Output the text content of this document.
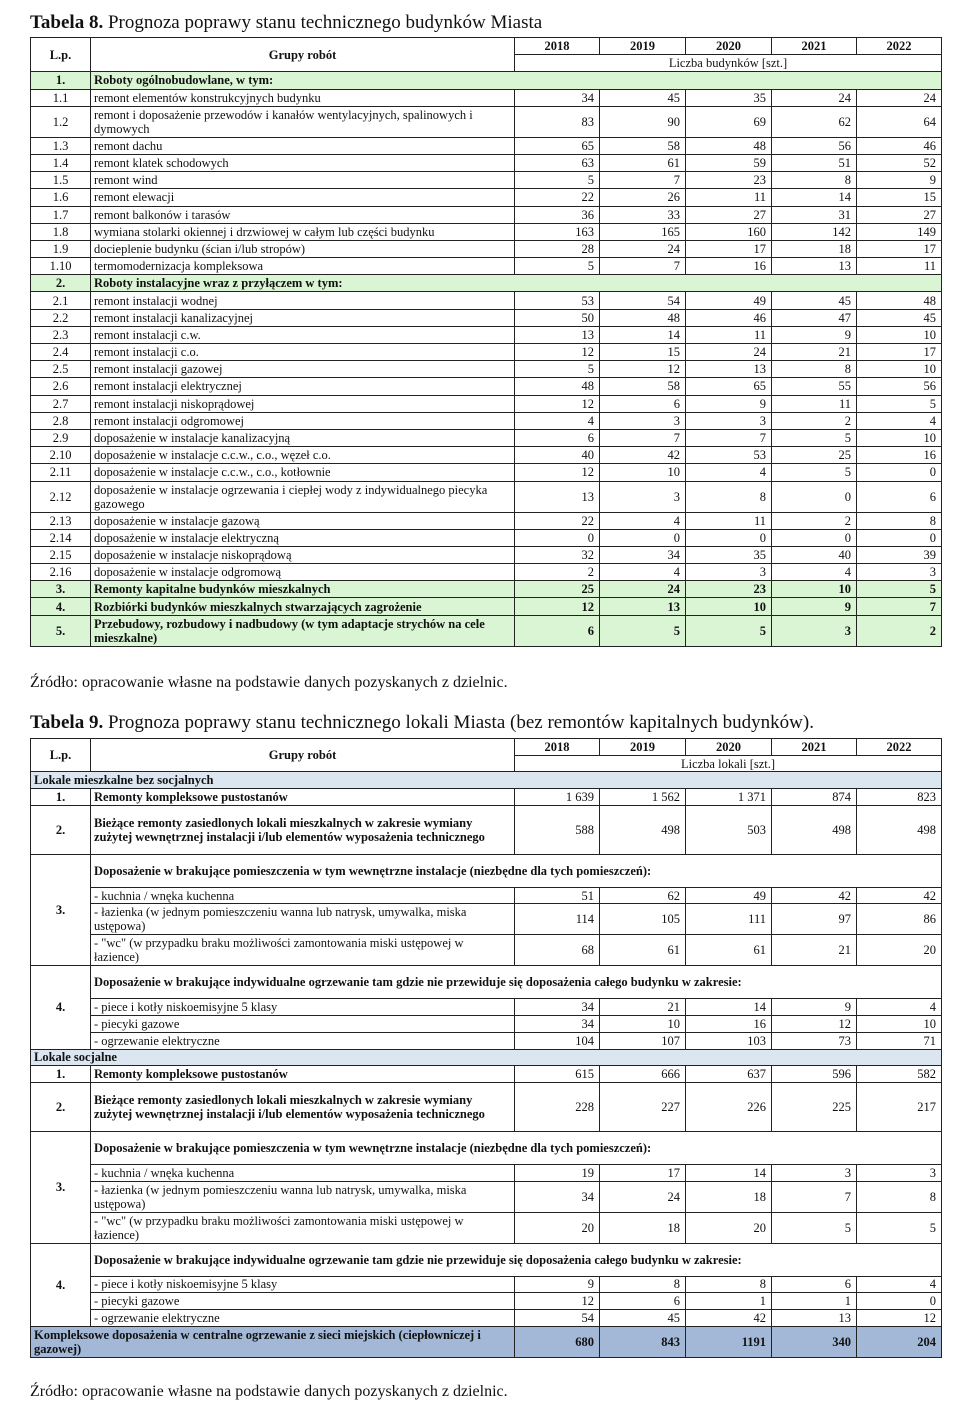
Tabela 8. Prognoza poprawy stanu technicznego budynków Miasta
L.p.	Grupy robót	2018	2019	2020	2021	2022
		Liczba budynków [szt.]				
1.	Roboty ogólnobudowlane, w tym:					
1.1	remont elementów konstrukcyjnych budynku	34	45	35	24	24
1.2	remont i doposażenie przewodów i kanałów wentylacyjnych, spalinowych i dymowych	83	90	69	62	64
1.3	remont dachu	65	58	48	56	46
1.4	remont klatek schodowych	63	61	59	51	52
1.5	remont wind	5	7	23	8	9
1.6	remont elewacji	22	26	11	14	15
1.7	remont balkonów i tarasów	36	33	27	31	27
1.8	wymiana stolarki okiennej i drzwiowej w całym lub części budynku	163	165	160	142	149
1.9	docieplenie budynku (ścian i/lub stropów)	28	24	17	18	17
1.10	termomodernizacja kompleksowa	5	7	16	13	11
2.	Roboty instalacyjne wraz z przyłączem w tym:					
2.1	remont instalacji wodnej	53	54	49	45	48
2.2	remont instalacji kanalizacyjnej	50	48	46	47	45
2.3	remont instalacji c.w.	13	14	11	9	10
2.4	remont instalacji c.o.	12	15	24	21	17
2.5	remont instalacji gazowej	5	12	13	8	10
2.6	remont instalacji elektrycznej	48	58	65	55	56
2.7	remont instalacji niskoprądowej	12	6	9	11	5
2.8	remont instalacji odgromowej	4	3	3	2	4
2.9	doposażenie w instalacje kanalizacyjną	6	7	7	5	10
2.10	doposażenie w instalacje c.c.w., c.o., węzeł c.o.	40	42	53	25	16
2.11	doposażenie w instalacje c.c.w., c.o., kotłownie	12	10	4	5	0
2.12	doposażenie w instalacje ogrzewania i ciepłej wody z indywidualnego piecyka gazowego	13	3	8	0	6
2.13	doposażenie w instalacje gazową	22	4	11	2	8
2.14	doposażenie w instalacje elektryczną	0	0	0	0	0
2.15	doposażenie w instalacje niskoprądową	32	34	35	40	39
2.16	doposażenie w instalacje odgromową	2	4	3	4	3
3.	Remonty kapitalne budynków mieszkalnych	25	24	23	10	5
4.	Rozbiórki budynków mieszkalnych stwarzających zagrożenie	12	13	10	9	7
5.	Przebudowy, rozbudowy i nadbudowy (w tym adaptacje strychów na cele mieszkalne)	6	5	5	3	2
Źródło: opracowanie własne na podstawie danych pozyskanych z dzielnic.
Tabela 9. Prognoza poprawy stanu technicznego lokali Miasta (bez remontów kapitalnych budynków).
L.p.	Grupy robót	2018	2019	2020	2021	2022
		Liczba lokali [szt.]				
Lokale mieszkalne bez socjalnych						
1.	Remonty kompleksowe pustostanów	1 639	1 562	1 371	874	823
2.	Bieżące remonty zasiedlonych lokali mieszkalnych w zakresie wymiany zużytej wewnętrznej instalacji i/lub elementów wyposażenia technicznego	588	498	503	498	498
3.	Doposażenie w brakujące pomieszczenia w tym wewnętrzne instalacje (niezbędne dla tych pomieszczeń):					
	- kuchnia / wnęka kuchenna	51	62	49	42	42
	- łazienka (w jednym pomieszczeniu wanna lub natrysk, umywalka, miska ustępowa)	114	105	111	97	86
	- "wc" (w przypadku braku możliwości zamontowania miski ustępowej w łazience)	68	61	61	21	20
4.	Doposażenie w brakujące indywidualne ogrzewanie tam gdzie nie przewiduje się doposażenia całego budynku w zakresie:					
	- piece i kotły niskoemisyjne 5 klasy	34	21	14	9	4
	- piecyki gazowe	34	10	16	12	10
	- ogrzewanie elektryczne	104	107	103	73	71
Lokale socjalne						
1.	Remonty kompleksowe pustostanów	615	666	637	596	582
2.	Bieżące remonty zasiedlonych lokali mieszkalnych w zakresie wymiany zużytej wewnętrznej instalacji i/lub elementów wyposażenia technicznego	228	227	226	225	217
3.	Doposażenie w brakujące pomieszczenia w tym wewnętrzne instalacje (niezbędne dla tych pomieszczeń):					
	- kuchnia / wnęka kuchenna	19	17	14	3	3
	- łazienka (w jednym pomieszczeniu wanna lub natrysk, umywalka, miska ustępowa)	34	24	18	7	8
	- "wc" (w przypadku braku możliwości zamontowania miski ustępowej w łazience)	20	18	20	5	5
4.	Doposażenie w brakujące indywidualne ogrzewanie tam gdzie nie przewiduje się doposażenia całego budynku w zakresie:					
	- piece i kotły niskoemisyjne 5 klasy	9	8	8	6	4
	- piecyki gazowe	12	6	1	1	0
	- ogrzewanie elektryczne	54	45	42	13	12
Kompleksowe doposażenia w centralne ogrzewanie z sieci miejskich (ciepłowniczej i gazowej)		680	843	1191	340	204
Źródło: opracowanie własne na podstawie danych pozyskanych z dzielnic.
